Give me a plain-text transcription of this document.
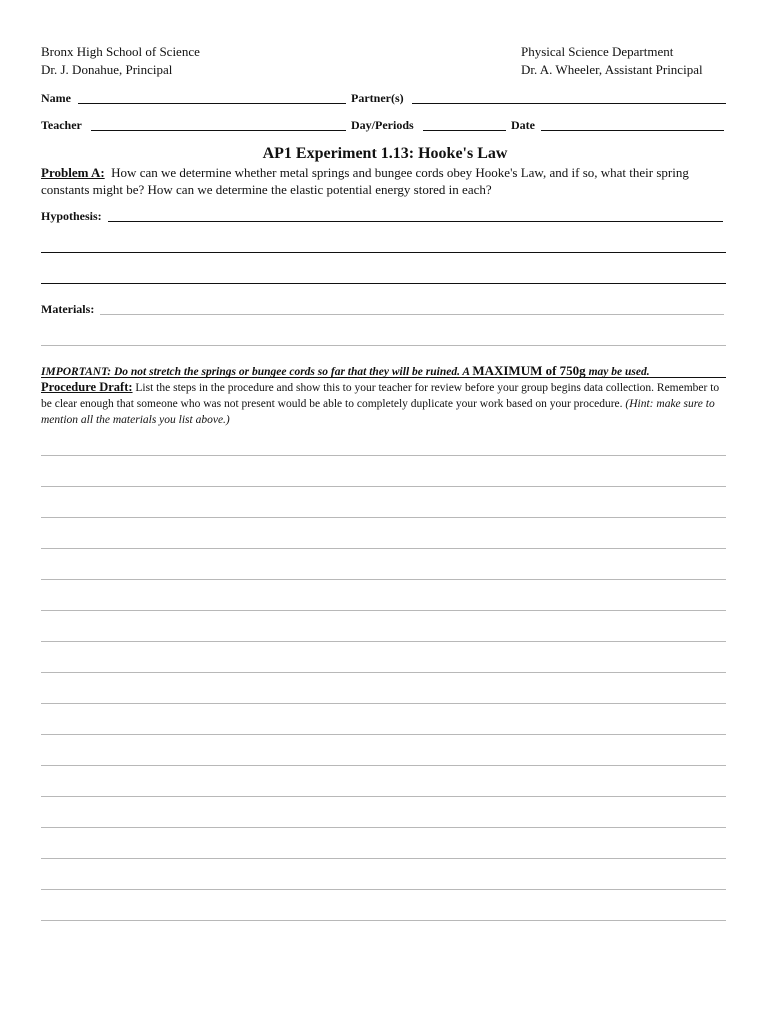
Bronx High School of Science
Dr. J. Donahue, Principal
Physical Science Department
Dr. A. Wheeler, Assistant Principal
Name	Partner(s)
Teacher	Day/Periods	Date
AP1 Experiment 1.13: Hooke's Law
Problem A: How can we determine whether metal springs and bungee cords obey Hooke's Law, and if so, what their spring constants might be? How can we determine the elastic potential energy stored in each?
Hypothesis:
Materials:
IMPORTANT: Do not stretch the springs or bungee cords so far that they will be ruined. A MAXIMUM of 750g may be used.
Procedure Draft: List the steps in the procedure and show this to your teacher for review before your group begins data collection. Remember to be clear enough that someone who was not present would be able to completely duplicate your work based on your procedure. (Hint: make sure to mention all the materials you list above.)
